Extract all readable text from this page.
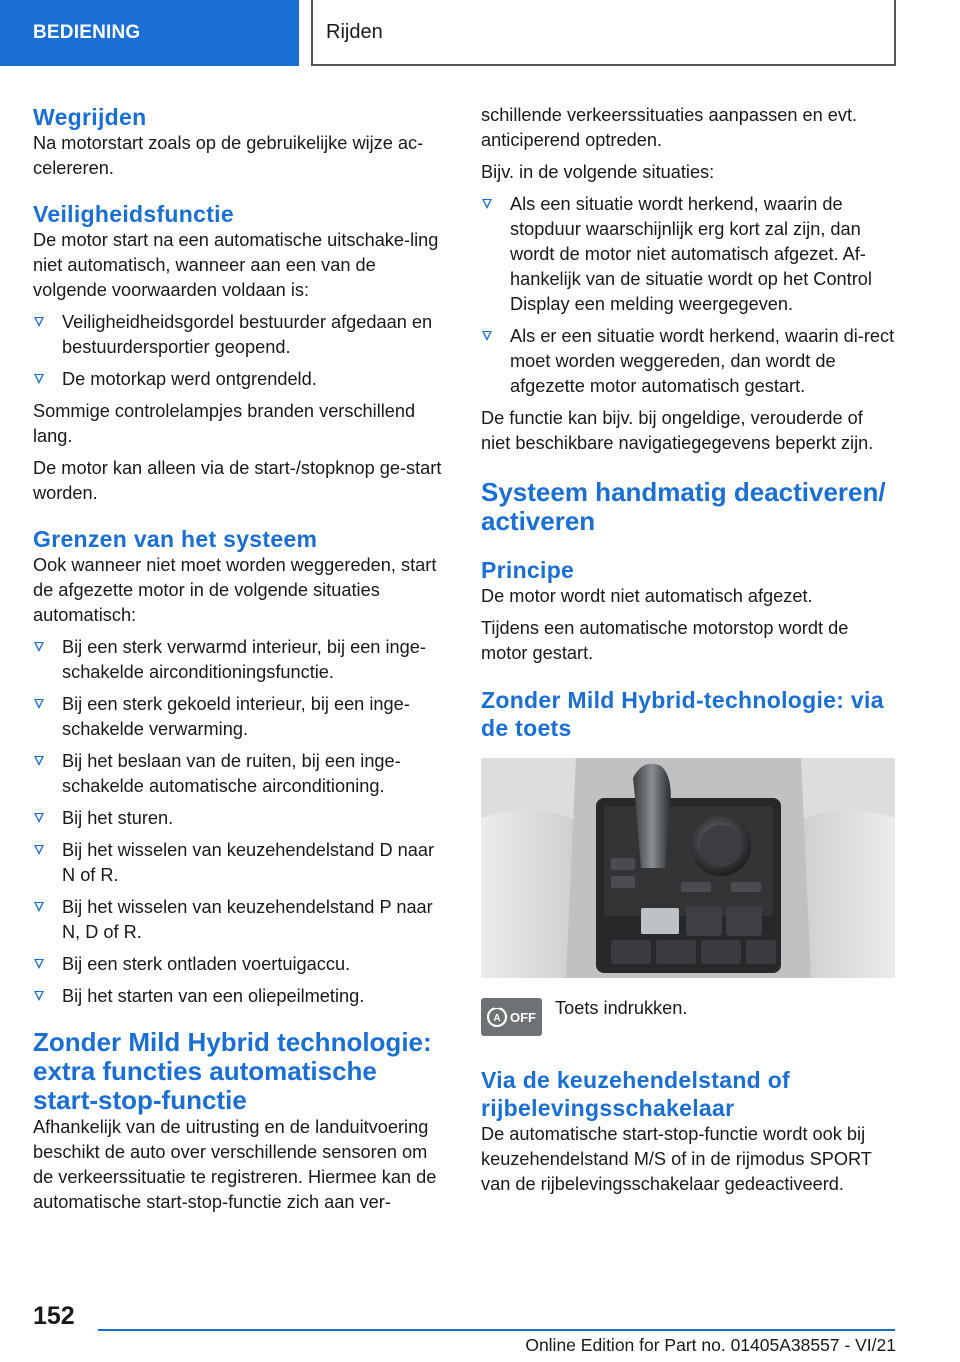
BEDIENING	Rijden
Wegrijden

Na motorstart zoals op de gebruikelijke wijze ac-celereren.

Veiligheidsfunctie

De motor start na een automatische uitschake-ling niet automatisch, wanneer aan een van de volgende voorwaarden voldaan is:

Veiligheidheidsgordel bestuurder afgedaan en bestuurdersportier geopend.
De motorkap werd ontgrendeld.

Sommige controlelampjes branden verschillend lang.

De motor kan alleen via de start-/stopknop ge-start worden.

Grenzen van het systeem

Ook wanneer niet moet worden weggereden, start de afgezette motor in de volgende situaties automatisch:

Bij een sterk verwarmd interieur, bij een inge-schakelde airconditioningsfunctie.
Bij een sterk gekoeld interieur, bij een inge-schakelde verwarming.
Bij het beslaan van de ruiten, bij een inge-schakelde automatische airconditioning.
Bij het sturen.
Bij het wisselen van keuzehendelstand D naar N of R.
Bij het wisselen van keuzehendelstand P naar N, D of R.
Bij een sterk ontladen voertuigaccu.
Bij het starten van een oliepeilmeting.
Zonder Mild Hybrid technologie: extra functies automatische start-stop-functie

Afhankelijk van de uitrusting en de landuitvoering beschikt de auto over verschillende sensoren om de verkeerssituatie te registreren. Hiermee kan de automatische start-stop-functie zich aan ver-

schillende verkeerssituaties aanpassen en evt. anticiperend optreden.

Bijv. in de volgende situaties:

Als een situatie wordt herkend, waarin de stopduur waarschijnlijk erg kort zal zijn, dan wordt de motor niet automatisch afgezet. Af-hankelijk van de situatie wordt op het Control Display een melding weergegeven.
Als er een situatie wordt herkend, waarin di-rect moet worden weggereden, dan wordt de afgezette motor automatisch gestart.

De functie kan bijv. bij ongeldige, verouderde of niet beschikbare navigatiegegevens beperkt zijn.

Systeem handmatig deactiveren/ activeren
Principe

De motor wordt niet automatisch afgezet.

Tijdens een automatische motorstop wordt de motor gestart.

Zonder Mild Hybrid-technologie: via de toets
A OFF Toets indrukken.

Via de keuzehendelstand of rijbelevingsschakelaar

De automatische start-stop-functie wordt ook bij keuzehendelstand M/S of in de rijmodus SPORT van de rijbelevingsschakelaar gedeactiveerd.

152
Online Edition for Part no. 01405A38557 - VI/21
